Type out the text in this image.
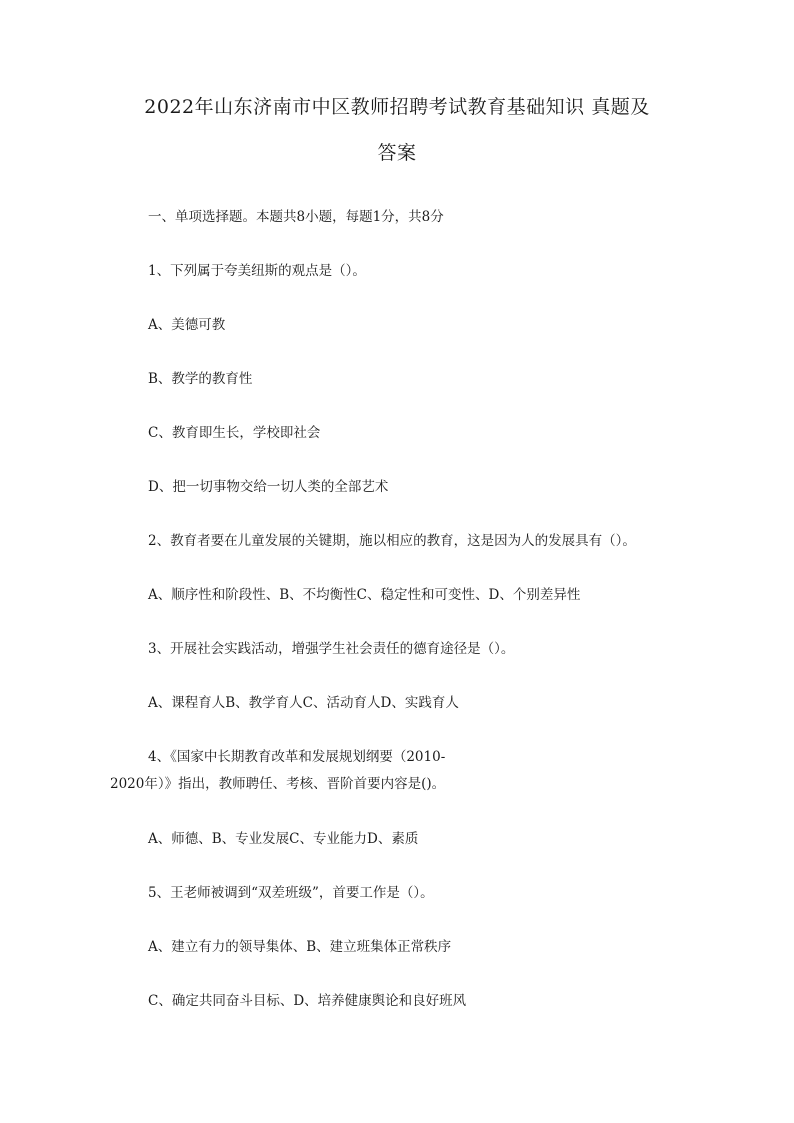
2022年山东济南市中区教师招聘考试教育基础知识 真题及
答案
一、单项选择题。本题共8小题，每题1分，共8分
1、下列属于夸美纽斯的观点是（）。
A、美德可教
B、教学的教育性
C、教育即生长，学校即社会
D、把一切事物交给一切人类的全部艺术
2、教育者要在儿童发展的关键期，施以相应的教育，这是因为人的发展具有（）。
A、顺序性和阶段性、B、不均衡性C、稳定性和可变性、D、个别差异性
3、开展社会实践活动，增强学生社会责任的德育途径是（）。
A、课程育人B、教学育人C、活动育人D、实践育人
4、《国家中长期教育改革和发展规划纲要（2010-
2020年）》指出，教师聘任、考核、晋阶首要内容是()。
A、师德、B、专业发展C、专业能力D、素质
5、王老师被调到“双差班级”，首要工作是（）。
A、建立有力的领导集体、B、建立班集体正常秩序
C、确定共同奋斗目标、D、培养健康舆论和良好班风
